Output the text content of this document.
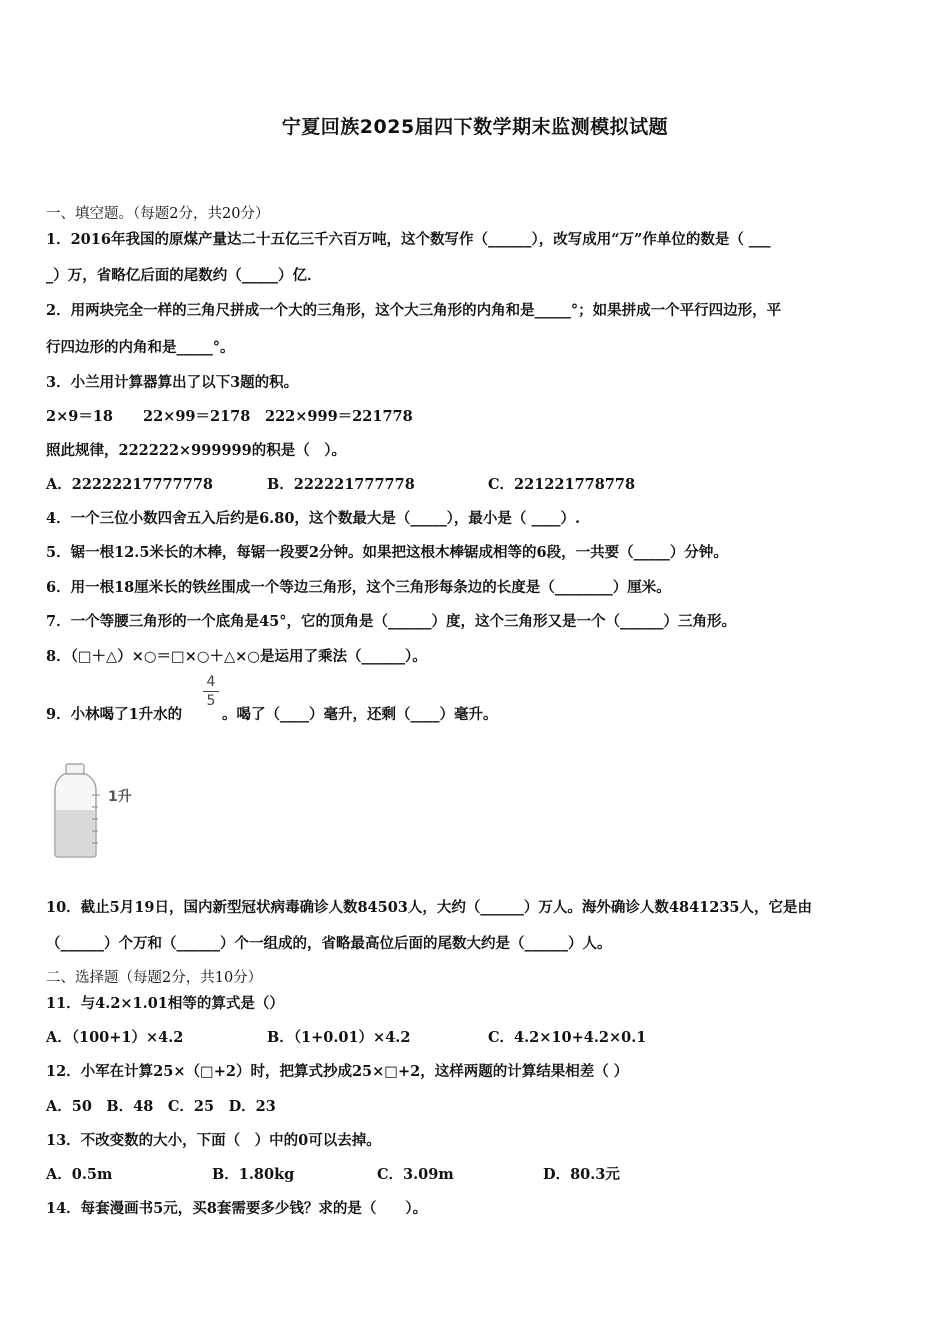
宁夏回族2025届四下数学期末监测模拟试题
一、填空题。（每题2分，共20分）
1．2016年我国的原煤产量达二十五亿三千六百万吨，这个数写作（______），改写成用“万”作单位的数是（ ___
_）万，省略亿后面的尾数约（_____）亿．
2．用两块完全一样的三角尺拼成一个大的三角形，这个大三角形的内角和是_____°；如果拼成一个平行四边形，平
行四边形的内角和是_____°。
3．小兰用计算器算出了以下3题的积。
2×9＝18 22×99＝2178 222×999＝221778
照此规律，222222×999999的积是（　）。
A．22222217777778	B．222221777778	C．221221778778
4．一个三位小数四舍五入后约是6.80，这个数最大是（_____），最小是（ ____）.
5．锯一根12.5米长的木棒，每锯一段要2分钟。如果把这根木棒锯成相等的6段，一共要（_____）分钟。
6．用一根18厘米长的铁丝围成一个等边三角形，这个三角形每条边的长度是（________）厘米。
7．一个等腰三角形的一个底角是45°，它的顶角是（______）度，这个三角形又是一个（______）三角形。
8．（□＋△）×○＝□×○＋△×○是运用了乘法（______）。
9．小林喝了1升水的
4
5
。喝了（____）毫升，还剩（____）毫升。
1升
10．截止5月19日，国内新型冠状病毒确诊人数84503人，大约（______）万人。海外确诊人数4841235人，它是由
（______）个万和（______）个一组成的，省略最高位后面的尾数大约是（______）人。
二、选择题（每题2分，共10分）
11．与4.2×1.01相等的算式是（）
A．（100+1）×4.2	B．（1+0.01）×4.2	C．4.2×10+4.2×0.1
12．小军在计算25×（□+2）时，把算式抄成25×□+2，这样两题的计算结果相差（ ）
A．50　B．48　C．25　D．23
13．不改变数的大小，下面（　）中的0可以去掉。
A．0.5m	B．1.80kg	C．3.09m	D．80.3元
14．每套漫画书5元，买8套需要多少钱？求的是（　　）。
